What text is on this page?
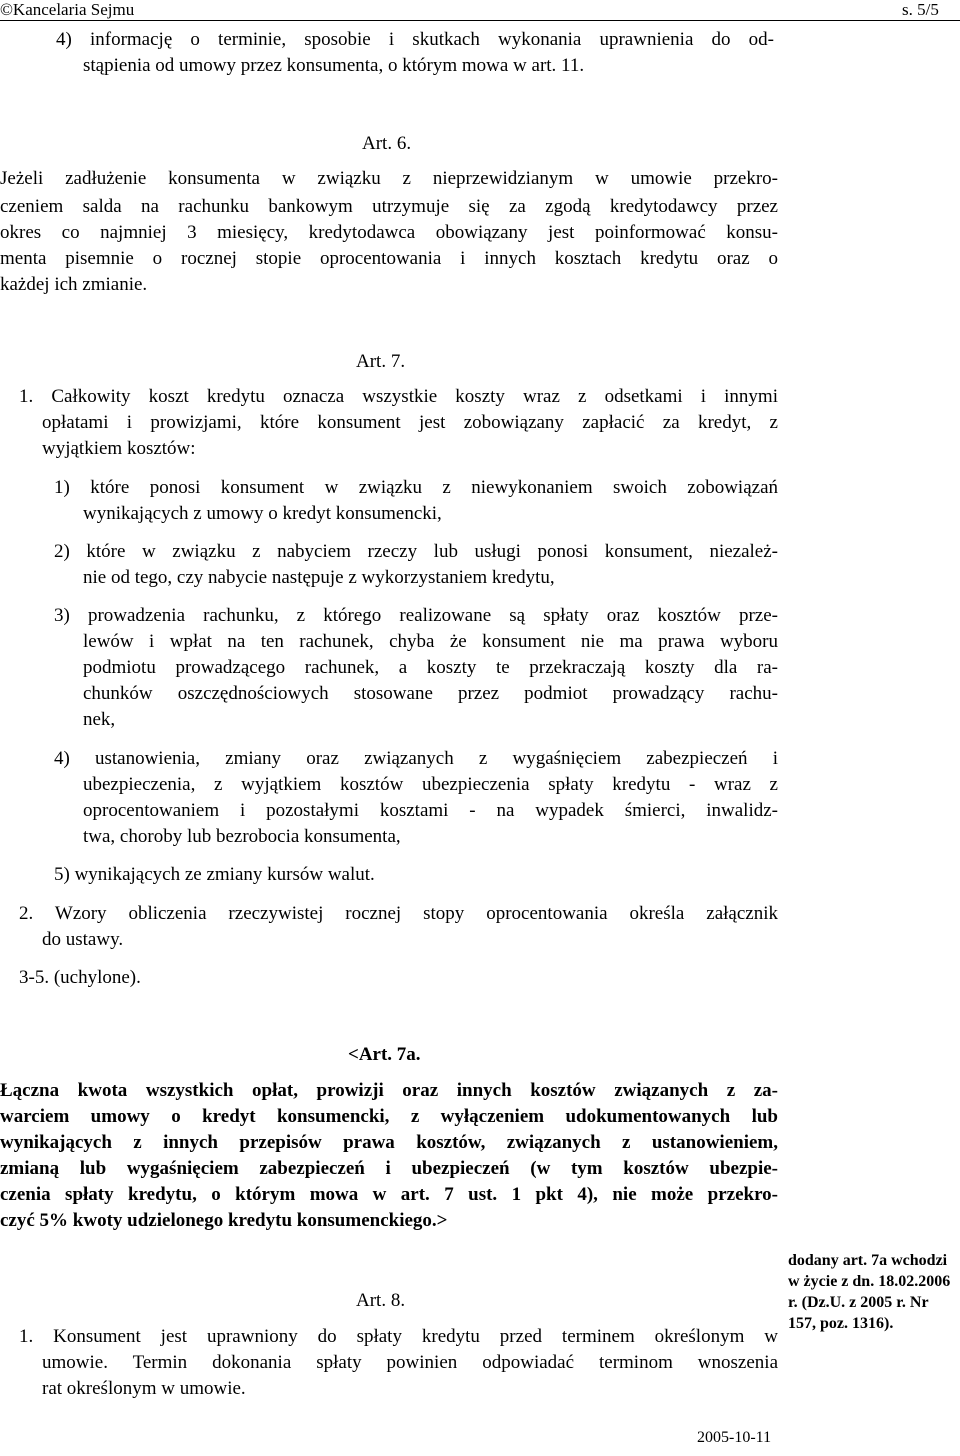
©Kancelaria Sejmu	s. 5/5
4) informację o terminie, sposobie i skutkach wykonania uprawnienia do od-
stąpienia od umowy przez konsumenta, o którym mowa w art. 11.
Art. 6.
Jeżeli zadłużenie konsumenta w związku z nieprzewidzianym w umowie przekro-
czeniem salda na rachunku bankowym utrzymuje się za zgodą kredytodawcy przez
okres co najmniej 3 miesięcy, kredytodawca obowiązany jest poinformować konsu-
menta pisemnie o rocznej stopie oprocentowania i innych kosztach kredytu oraz o
każdej ich zmianie.
Art. 7.
1. Całkowity koszt kredytu oznacza wszystkie koszty wraz z odsetkami i innymi
opłatami i prowizjami, które konsument jest zobowiązany zapłacić za kredyt, z
wyjątkiem kosztów:
1) które ponosi konsument w związku z niewykonaniem swoich zobowiązań
wynikających z umowy o kredyt konsumencki,
2) które w związku z nabyciem rzeczy lub usługi ponosi konsument, niezależ-
nie od tego, czy nabycie następuje z wykorzystaniem kredytu,
3) prowadzenia rachunku, z którego realizowane są spłaty oraz kosztów prze-
lewów i wpłat na ten rachunek, chyba że konsument nie ma prawa wyboru
podmiotu prowadzącego rachunek, a koszty te przekraczają koszty dla ra-
chunków oszczędnościowych stosowane przez podmiot prowadzący rachu-
nek,
4) ustanowienia, zmiany oraz związanych z wygaśnięciem zabezpieczeń i
ubezpieczenia, z wyjątkiem kosztów ubezpieczenia spłaty kredytu - wraz z
oprocentowaniem i pozostałymi kosztami - na wypadek śmierci, inwalidz-
twa, choroby lub bezrobocia konsumenta,
5) wynikających ze zmiany kursów walut.
2. Wzory obliczenia rzeczywistej rocznej stopy oprocentowania określa załącznik
do ustawy.
3-5. (uchylone).
<Art. 7a.
Łączna kwota wszystkich opłat, prowizji oraz innych kosztów związanych z za-
warciem umowy o kredyt konsumencki, z wyłączeniem udokumentowanych lub
wynikających z innych przepisów prawa kosztów, związanych z ustanowieniem,
zmianą lub wygaśnięciem zabezpieczeń i ubezpieczeń (w tym kosztów ubezpie-
czenia spłaty kredytu, o którym mowa w art. 7 ust. 1 pkt 4), nie może przekro-
czyć 5% kwoty udzielonego kredytu konsumenckiego.>
dodany art. 7a wchodzi w życie z dn. 18.02.2006 r. (Dz.U. z 2005 r. Nr 157, poz. 1316).
Art. 8.
1. Konsument jest uprawniony do spłaty kredytu przed terminem określonym w
umowie. Termin dokonania spłaty powinien odpowiadać terminom wnoszenia
rat określonym w umowie.
2005-10-11
